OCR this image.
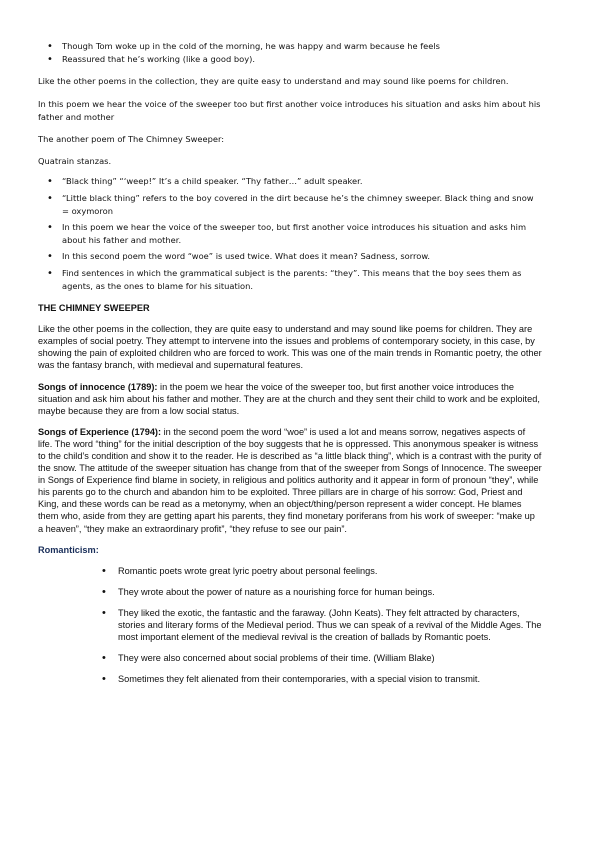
• Though Tom woke up in the cold of the morning, he was happy and warm because he feels
• Reassured that he’s working (like a good boy).

Like the other poems in the collection, they are quite easy to understand and may sound like poems for children.

In this poem we hear the voice of the sweeper too but first another voice introduces his situation and asks him about his father and mother

The another poem of The Chimney Sweeper:

Quatrain stanzas.

• “Black thing” “‘weep!” It’s a child speaker. “Thy father…” adult speaker.
• “Little black thing” refers to the boy covered in the dirt because he’s the chimney sweeper. Black thing and snow = oxymoron
• In this poem we hear the voice of the sweeper too, but first another voice introduces his situation and asks him about his father and mother.
• In this second poem the word “woe” is used twice. What does it mean? Sadness, sorrow.
• Find sentences in which the grammatical subject is the parents: “they”. This means that the boy sees them as agents, as the ones to blame for his situation.

THE CHIMNEY SWEEPER

Like the other poems in the collection, they are quite easy to understand and may sound like poems for children. They are examples of social poetry. They attempt to intervene into the issues and problems of contemporary society, in this case, by showing the pain of exploited children who are forced to work. This was one of the main trends in Romantic poetry, the other was the fantasy branch, with medieval and supernatural features.

Songs of innocence (1789): in the poem we hear the voice of the sweeper too, but first another voice introduces the situation and ask him about his father and mother. They are at the church and they sent their child to work and be exploited, maybe because they are from a low social status.

Songs of Experience (1794): in the second poem the word “woe” is used a lot and means sorrow, negatives aspects of life. The word “thing” for the initial description of the boy suggests that he is oppressed. This anonymous speaker is witness to the child’s condition and show it to the reader. He is described as “a little black thing”, which is a contrast with the purity of the snow. The attitude of the sweeper situation has change from that of the sweeper from Songs of Innocence. The sweeper in Songs of Experience find blame in society, in religious and politics authority and it appear in form of pronoun “they”, while his parents go to the church and abandon him to be exploited. Three pillars are in charge of his sorrow: God, Priest and King, and these words can be read as a metonymy, when an object/thing/person represent a wider concept. He blames them who, aside from they are getting apart his parents, they find monetary poriferans from his work of sweeper: “make up a heaven”, “they make an extraordinary profit”, “they refuse to see our pain”.

Romanticism:

• Romantic poets wrote great lyric poetry about personal feelings.
• They wrote about the power of nature as a nourishing force for human beings.
• They liked the exotic, the fantastic and the faraway. (John Keats). They felt attracted by characters, stories and literary forms of the Medieval period. Thus we can speak of a revival of the Middle Ages. The most important element of the medieval revival is the creation of ballads by Romantic poets.
• They were also concerned about social problems of their time. (William Blake)
• Sometimes they felt alienated from their contemporaries, with a special vision to transmit.
